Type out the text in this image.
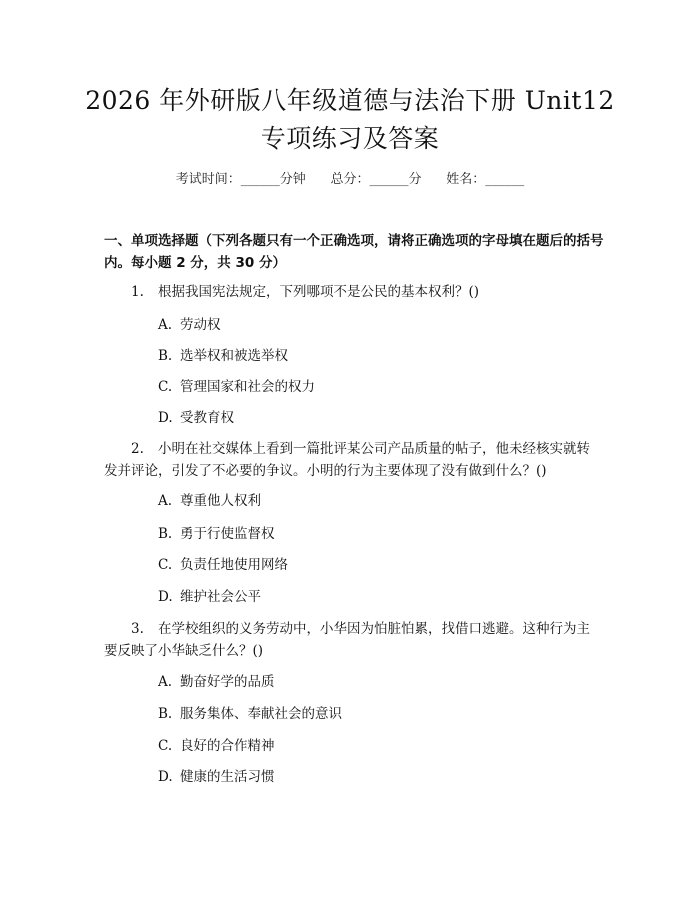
2026 年外研版八年级道德与法治下册 Unit12
专项练习及答案
考试时间：______分钟      总分：______分      姓名：______
一、单项选择题（下列各题只有一个正确选项，请将正确选项的字母填在题后的括号内。每小题 2 分，共 30 分）
1. 根据我国宪法规定，下列哪项不是公民的基本权利？()
A. 劳动权
B. 选举权和被选举权
C. 管理国家和社会的权力
D. 受教育权
2. 小明在社交媒体上看到一篇批评某公司产品质量的帖子，他未经核实就转发并评论，引发了不必要的争议。小明的行为主要体现了没有做到什么？()
A. 尊重他人权利
B. 勇于行使监督权
C. 负责任地使用网络
D. 维护社会公平
3. 在学校组织的义务劳动中，小华因为怕脏怕累，找借口逃避。这种行为主要反映了小华缺乏什么？()
A. 勤奋好学的品质
B. 服务集体、奉献社会的意识
C. 良好的合作精神
D. 健康的生活习惯
